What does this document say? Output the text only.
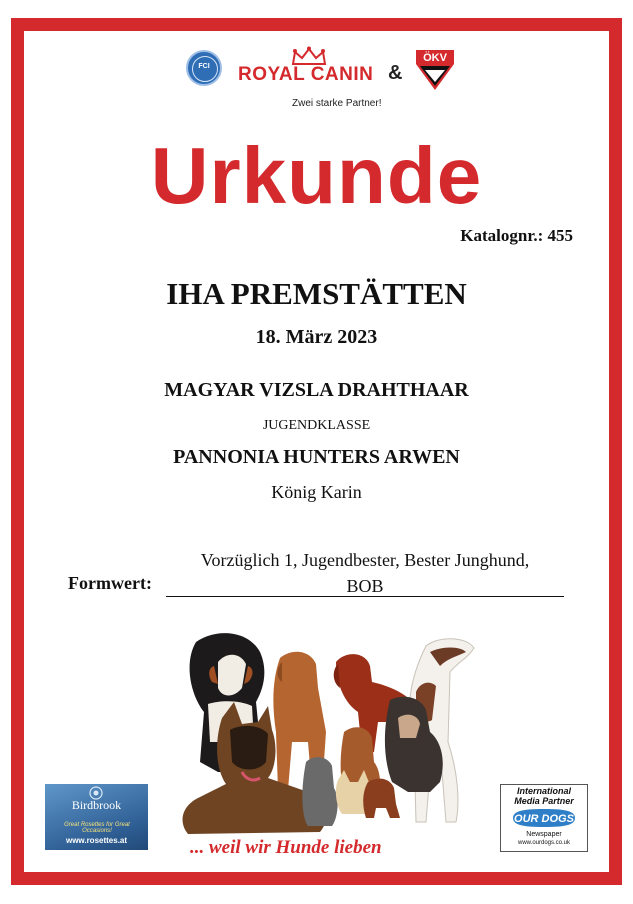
FCI	ROYAL CANIN &
ÖKV
Zwei starke Partner!
Urkunde
Katalognr.: 455
IHA PREMSTÄTTEN
18. März 2023
MAGYAR VIZSLA DRAHTHAAR
JUGENDKLASSE
PANNONIA HUNTERS ARWEN
König Karin
Formwert:
Vorzüglich 1, Jugendbester, Bester Junghund,
BOB
... weil wir Hunde lieben
Birdbrook
Great Rosettes for Great Occasions!
www.rosettes.at
International
Media Partner
OUR DOGS
Newspaper
www.ourdogs.co.uk
